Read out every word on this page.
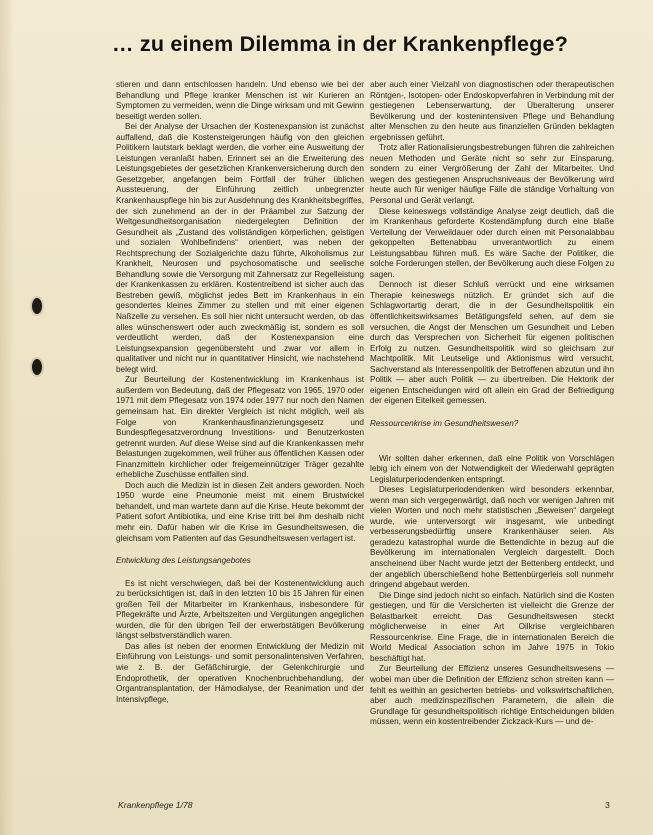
… zu einem Dilemma in der Krankenpflege?

stieren und dann entschlossen handeln. Und ebenso wie bei der Behandlung und Pflege kranker Menschen ist wir Kurieren an Symptomen zu vermeiden, wenn die Dinge wirksam und mit Gewinn beseitigt werden sollen.

Bei der Analyse der Ursachen der Kostenexpansion ist zunächst auffallend, daß die Kostensteigerungen häufig von den gleichen Politikern lautstark beklagt werden, die vorher eine Ausweitung der Leistungen veranlaßt haben. Erinnert sei an die Erweiterung des Leistungsgebietes der gesetzlichen Krankenversicherung durch den Gesetzgeber, angefangen beim Fortfall der früher üblichen Aussteuerung, der Einführung zeitlich unbegrenzter Krankenhauspflege hin bis zur Ausdehnung des Krankheitsbegriffes, der sich zunehmend an der in der Präambel zur Satzung der Weltgesundheitsorganisation niedergelegten Definition der Gesundheit als „Zustand des vollständigen körperlichen, geistigen und sozialen Wohlbefindens“ orientiert, was neben der Rechtsprechung der Sozialgerichte dazu führte, Alkoholismus zur Krankheit, Neurosen und psychosomatische und seelische Behandlung sowie die Versorgung mit Zahnersatz zur Regelleistung der Krankenkassen zu erklären. Kostentreibend ist sicher auch das Bestreben gewiß, möglichst jedes Bett im Krankenhaus in ein gesondertes kleines Zimmer zu stellen und mit einer eigenen Naßzelle zu versehen. Es soll hier nicht untersucht werden, ob das alles wünschenswert oder auch zweckmäßig ist, sondern es soll verdeutlicht werden, daß der Kostenexpansion eine Leistungsexpansion gegenübersteht und zwar vor allem in qualitativer und nicht nur in quantitativer Hinsicht, wie nachstehend belegt wird.

Zur Beurteilung der Kostenentwicklung im Krankenhaus ist außerdem von Bedeutung, daß der Pflegesatz von 1965, 1970 oder 1971 mit dem Pflegesatz von 1974 oder 1977 nur noch den Namen gemeinsam hat. Ein direkter Vergleich ist nicht möglich, weil als Folge von Krankenhausfinanzierungsgesetz und Bundespflegesatzverordnung Investitions- und Benutzerkosten getrennt wurden. Auf diese Weise sind auf die Krankenkassen mehr Belastungen zugekommen, weil früher aus öffentlichen Kassen oder Finanzmitteln kirchlicher oder freigemeinnütziger Träger gezahlte erhebliche Zuschüsse entfallen sind.

Doch auch die Medizin ist in diesen Zeit anders geworden. Noch 1950 wurde eine Pneumonie meist mit einem Brustwickel behandelt, und man wartete dann auf die Krise. Heute bekommt der Patient sofort Antibiotika, und eine Krise tritt bei ihm deshalb nicht mehr ein. Dafür haben wir die Krise im Gesundheitswesen, die gleichsam vom Patienten auf das Gesundheitswesen verlagert ist.

Entwicklung des Leistungsangebotes

Es ist nicht verschwiegen, daß bei der Kostenentwicklung auch zu berücksichtigen ist, daß in den letzten 10 bis 15 Jahren für einen großen Teil der Mitarbeiter im Krankenhaus, insbesondere für Pflegekräfte und Ärzte, Arbeitszeiten und Vergütungen angeglichen wurden, die für den übrigen Teil der erwerbstätigen Bevölkerung längst selbstverständlich waren.

Das alles ist neben der enormen Entwicklung der Medizin mit Einführung von Leistungs- und somit personalintensiven Verfahren, wie z. B. der Gefäßchirurgie, der Gelenkchirurgie und Endoprothetik, der operativen Knochenbruchbehandlung, der Organtransplantation, der Hämodialyse, der Reanimation und der Intensivpflege,

aber auch einer Vielzahl von diagnostischen oder therapeutischen Röntgen-, Isotopen- oder Endoskopverfahren in Verbindung mit der gestiegenen Lebenserwartung, der Überalterung unserer Bevölkerung und der kostenintensiven Pflege und Behandlung alter Menschen zu den heute aus finanziellen Gründen beklagten ergebnissen geführt.

Trotz aller Rationalisierungsbestrebungen führen die zahlreichen neuen Methoden und Geräte nicht so sehr zur Einsparung, sondern zu einer Vergrößerung der Zahl der Mitarbeiter. Und wegen des gestiegenen Anspruchsniveaus der Bevölkerung wird heute auch für weniger häufige Fälle die ständige Vorhaltung von Personal und Gerät verlangt.

Diese keineswegs vollständige Analyse zeigt deutlich, daß die im Krankenhaus geforderte Kostendämpfung durch eine blaße Verteilung der Verweildauer oder durch einen mit Personalabbau gekoppelten Bettenabbau unverantwortlich zu einem Leistungsabbau führen muß. Es wäre Sache der Politiker, die solche Forderungen stellen, der Bevölkerung auch diese Folgen zu sagen.

Dennoch ist dieser Schluß verrückt und eine wirksamen Therapie keineswegs nützlich. Er gründet sich auf die Schlagwortartig derart, die in der Gesundheitspolitik ein öffentlichkeitswirksames Betätigungsfeld sehen, auf dem sie versuchen, die Angst der Menschen um Gesundheit und Leben durch das Versprechen von Sicherheit für eigenen politischen Erfolg zu nutzen. Gesundheitspolitik wird so gleichsam zur Machtpolitik. Mit Leutselige und Aktionismus wird versucht, Sachverstand als Interessenpolitik der Betroffenen abzutun und ihn Politik — aber auch Politik — zu übertreiben. Die Hektorik der eigenen Entscheidungen wird oft allein ein Grad der Befriedigung der eigenen Eitelkeit gemessen.

Ressourcenkrise im Gesundheitswesen?

Wir sollten daher erkennen, daß eine Politik von Vorschlägen lebig ich einem von der Notwendigkeit der Wiederwahl geprägten Legislaturperiodendenken entspringt.

Dieses Legislaturperiodendenken wird besonders erkennbar, wenn man sich vergegenwärtigt, daß noch vor wenigen Jahren mit vielen Worten und noch mehr statistischen „Beweisen“ dargelegt wurde, wie unterversorgt wir insgesamt, wie unbedingt verbesserungsbedürftig unsere Krankenhäuser seien. Als geradezu katastrophal wurde die Bettendichte in bezug auf die Bevölkerung im internationalen Vergleich dargestellt. Doch anscheinend über Nacht wurde jetzt der Bettenberg entdeckt, und der angeblich überschießend hohe Bettenbürgerleis soll nunmehr dringend abgebaut werden.

Die Dinge sind jedoch nicht so einfach. Natürlich sind die Kosten gestiegen, und für die Versicherten ist vielleicht die Grenze der Belastbarkeit erreicht. Das Gesundheitswesen steckt möglicherweise in einer Art Oilkrise vergleichbaren Ressourcenkrise. Eine Frage, die in internationalen Bereich die World Medical Association schon im Jahre 1975 in Tokio beschäftigt hat.

Zur Beurteilung der Effizienz unseres Gesundheitswesens — wobei man über die Definition der Effizienz schon streiten kann — fehlt es weithin an gesicherten betriebs- und volkswirtschaftlichen, aber auch medizinspezifischen Parametern, die allein die Grundlage für gesundheitspolitisch richtige Entscheidungen bilden müssen, wenn ein kostentreibender Zickzack-Kurs — und de-

Krankenpflege 1/78	3
